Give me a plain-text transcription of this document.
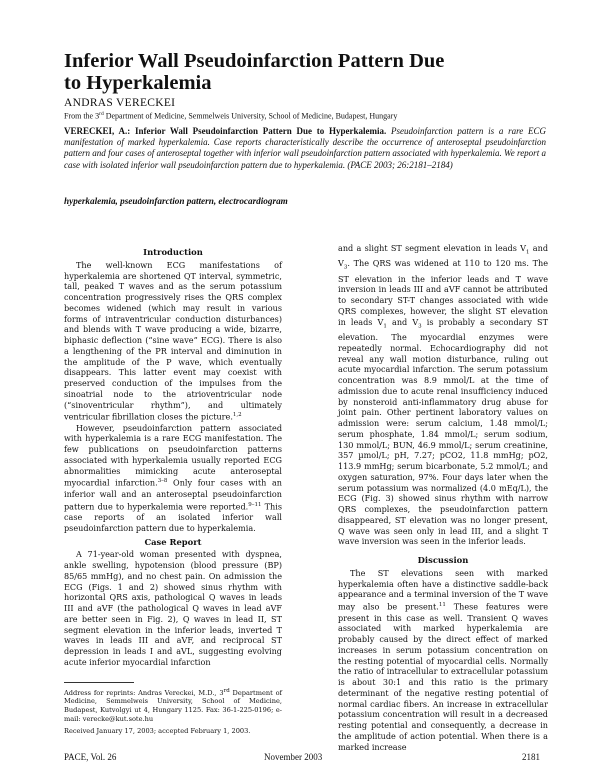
Inferior Wall Pseudoinfarction Pattern Due
to Hyperkalemia
ANDRAS VERECKEI
From the 3rd Department of Medicine, Semmelweis University, School of Medicine, Budapest, Hungary
VERECKEI, A.: Inferior Wall Pseudoinfarction Pattern Due to Hyperkalemia. Pseudoinfarction pattern is a rare ECG manifestation of marked hyperkalemia. Case reports characteristically describe the occurrence of anteroseptal pseudoinfarction pattern and four cases of anteroseptal together with inferior wall pseudoinfarction pattern associated with hyperkalemia. We report a case with isolated inferior wall pseudoinfarction pattern due to hyperkalemia. (PACE 2003; 26:2181–2184)
hyperkalemia, pseudoinfarction pattern, electrocardiogram
Introduction

The well-known ECG manifestations of hyperkalemia are shortened QT interval, symmetric, tall, peaked T waves and as the serum potassium concentration progressively rises the QRS complex becomes widened (which may result in various forms of intraventricular conduction disturbances) and blends with T wave producing a wide, bizarre, biphasic deflection (“sine wave” ECG). There is also a lengthening of the PR interval and diminution in the amplitude of the P wave, which eventually disappears. This latter event may coexist with preserved conduction of the impulses from the sinoatrial node to the atrioventricular node (“sinoventricular rhythm”), and ultimately ventricular fibrillation closes the picture.$^{1,2}$

However, pseudoinfarction pattern associated with hyperkalemia is a rare ECG manifestation. The few publications on pseudoinfarction patterns associated with hyperkalemia usually reported ECG abnormalities mimicking acute anteroseptal myocardial infarction.$^{3-8}$ Only four cases with an inferior wall and an anteroseptal pseudoinfarction pattern due to hyperkalemia were reported.$^{9-11}$ This case reports of an isolated inferior wall pseudoinfarction pattern due to hyperkalemia.

Case Report

A 71-year-old woman presented with dyspnea, ankle swelling, hypotension (blood pressure (BP) 85/65 mmHg), and no chest pain. On admission the ECG (Figs. 1 and 2) showed sinus rhythm with horizontal QRS axis, pathological Q waves in leads III and aVF (the pathological Q waves in lead aVF are better seen in Fig. 2), Q waves in lead II, ST segment elevation in the inferior leads, inverted T waves in leads III and aVF, and reciprocal ST depression in leads I and aVL, suggesting evolving acute inferior myocardial infarction

Address for reprints: Andras Vereckei, M.D., 3rd Department of Medicine, Semmelweis University, School of Medicine, Budapest, Kutvolgyi ut 4, Hungary 1125. Fax: 36-1-225-0196; e-mail: verecke@kut.sote.hu

Received January 17, 2003; accepted February 1, 2003.

and a slight ST segment elevation in leads $V_1$ and $V_3$. The QRS was widened at 110 to 120 ms. The ST elevation in the inferior leads and T wave inversion in leads III and aVF cannot be attributed to secondary ST-T changes associated with wide QRS complexes, however, the slight ST elevation in leads $V_1$ and $V_3$ is probably a secondary ST elevation. The myocardial enzymes were repeatedly normal. Echocardiography did not reveal any wall motion disturbance, ruling out acute myocardial infarction. The serum potassium concentration was 8.9 mmol/L at the time of admission due to acute renal insufficiency induced by nonsteroid anti-inflammatory drug abuse for joint pain. Other pertinent laboratory values on admission were: serum calcium, 1.48 mmol/L; serum phosphate, 1.84 mmol/L; serum sodium, 130 mmol/L; BUN, 46.9 mmol/L; serum creatinine, 357 µmol/L; pH, 7.27; pCO2, 11.8 mmHg; pO2, 113.9 mmHg; serum bicarbonate, 5.2 mmol/L; and oxygen saturation, 97%. Four days later when the serum potassium was normalized (4.0 mEq/L), the ECG (Fig. 3) showed sinus rhythm with narrow QRS complexes, the pseudoinfarction pattern disappeared, ST elevation was no longer present, Q wave was seen only in lead III, and a slight T wave inversion was seen in the inferior leads.

Discussion

The ST elevations seen with marked hyperkalemia often have a distinctive saddle-back appearance and a terminal inversion of the T wave may also be present.$^{11}$ These features were present in this case as well. Transient Q waves associated with marked hyperkalemia are probably caused by the direct effect of marked increases in serum potassium concentration on the resting potential of myocardial cells. Normally the ratio of intracellular to extracellular potassium is about 30:1 and this ratio is the primary determinant of the negative resting potential of normal cardiac fibers. An increase in extracellular potassium concentration will result in a decreased resting potential and consequently, a decrease in the amplitude of action potential. When there is a marked increase

PACE, Vol. 26	November 2003	2181
